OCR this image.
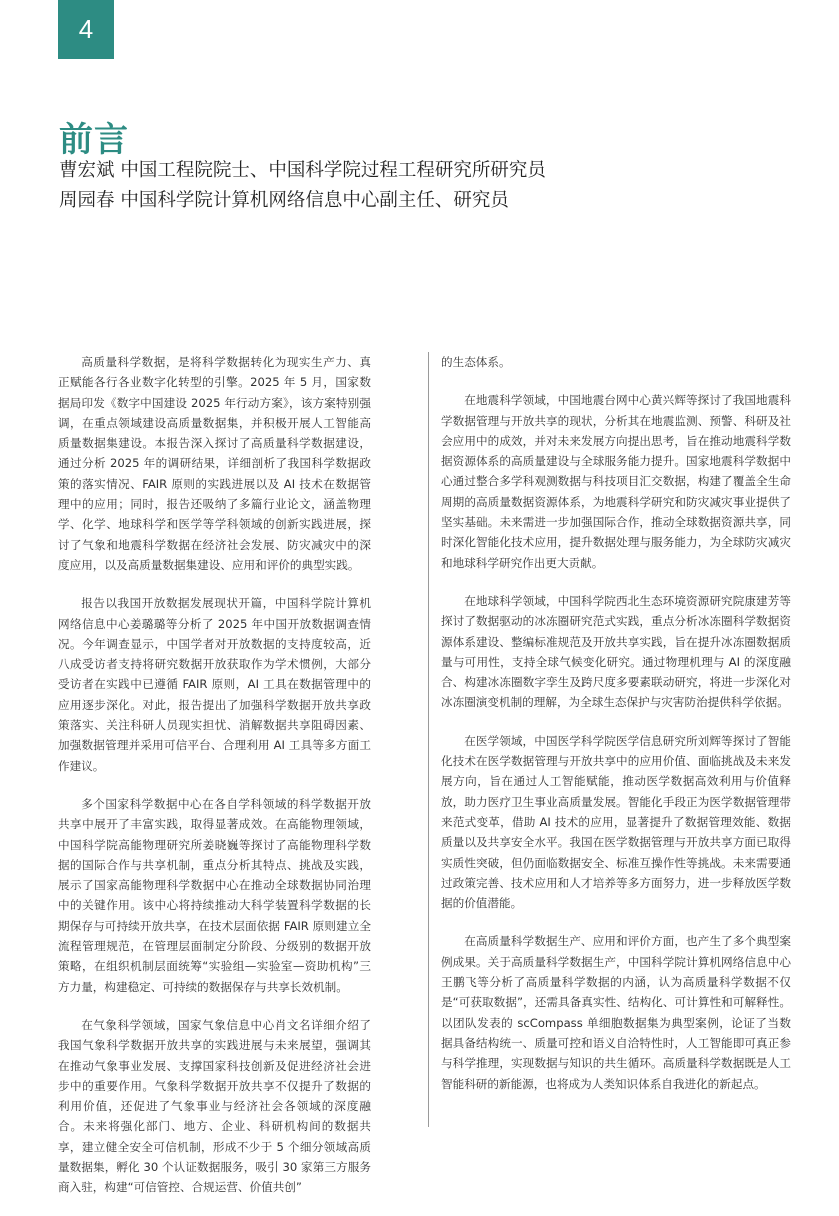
4
前言
曹宏斌 中国工程院院士、中国科学院过程工程研究所研究员
周园春 中国科学院计算机网络信息中心副主任、研究员

高质量科学数据，是将科学数据转化为现实生产力、真正赋能各行各业数字化转型的引擎。2025 年 5 月，国家数据局印发《数字中国建设 2025 年行动方案》，该方案特别强调，在重点领域建设高质量数据集，并积极开展人工智能高质量数据集建设。本报告深入探讨了高质量科学数据建设，通过分析 2025 年的调研结果，详细剖析了我国科学数据政策的落实情况、FAIR 原则的实践进展以及 AI 技术在数据管理中的应用；同时，报告还吸纳了多篇行业论文，涵盖物理学、化学、地球科学和医学等学科领域的创新实践进展，探讨了气象和地震科学数据在经济社会发展、防灾减灾中的深度应用，以及高质量数据集建设、应用和评价的典型实践。

报告以我国开放数据发展现状开篇，中国科学院计算机网络信息中心姜璐璐等分析了 2025 年中国开放数据调查情况。今年调查显示，中国学者对开放数据的支持度较高，近八成受访者支持将研究数据开放获取作为学术惯例，大部分受访者在实践中已遵循 FAIR 原则，AI 工具在数据管理中的应用逐步深化。对此，报告提出了加强科学数据开放共享政策落实、关注科研人员现实担忧、消解数据共享阻碍因素、加强数据管理并采用可信平台、合理利用 AI 工具等多方面工作建议。

多个国家科学数据中心在各自学科领域的科学数据开放共享中展开了丰富实践，取得显著成效。在高能物理领域，中国科学院高能物理研究所姜晓巍等探讨了高能物理科学数据的国际合作与共享机制，重点分析其特点、挑战及实践，展示了国家高能物理科学数据中心在推动全球数据协同治理中的关键作用。该中心将持续推动大科学装置科学数据的长期保存与可持续开放共享，在技术层面依据 FAIR 原则建立全流程管理规范，在管理层面制定分阶段、分级别的数据开放策略，在组织机制层面统筹“实验组—实验室—资助机构”三方力量，构建稳定、可持续的数据保存与共享长效机制。

在气象科学领域，国家气象信息中心肖文名详细介绍了我国气象科学数据开放共享的实践进展与未来展望，强调其在推动气象事业发展、支撑国家科技创新及促进经济社会进步中的重要作用。气象科学数据开放共享不仅提升了数据的利用价值，还促进了气象事业与经济社会各领域的深度融合。未来将强化部门、地方、企业、科研机构间的数据共享，建立健全安全可信机制，形成不少于 5 个细分领域高质量数据集，孵化 30 个认证数据服务，吸引 30 家第三方服务商入驻，构建“可信管控、合规运营、价值共创”

的生态体系。

在地震科学领域，中国地震台网中心黄兴辉等探讨了我国地震科学数据管理与开放共享的现状，分析其在地震监测、预警、科研及社会应用中的成效，并对未来发展方向提出思考，旨在推动地震科学数据资源体系的高质量建设与全球服务能力提升。国家地震科学数据中心通过整合多学科观测数据与科技项目汇交数据，构建了覆盖全生命周期的高质量数据资源体系，为地震科学研究和防灾减灾事业提供了坚实基础。未来需进一步加强国际合作，推动全球数据资源共享，同时深化智能化技术应用，提升数据处理与服务能力，为全球防灾减灾和地球科学研究作出更大贡献。

在地球科学领域，中国科学院西北生态环境资源研究院康建芳等探讨了数据驱动的冰冻圈研究范式实践，重点分析冰冻圈科学数据资源体系建设、整编标准规范及开放共享实践，旨在提升冰冻圈数据质量与可用性，支持全球气候变化研究。通过物理机理与 AI 的深度融合、构建冰冻圈数字孪生及跨尺度多要素联动研究，将进一步深化对冰冻圈演变机制的理解，为全球生态保护与灾害防治提供科学依据。

在医学领域，中国医学科学院医学信息研究所刘辉等探讨了智能化技术在医学数据管理与开放共享中的应用价值、面临挑战及未来发展方向，旨在通过人工智能赋能，推动医学数据高效利用与价值释放，助力医疗卫生事业高质量发展。智能化手段正为医学数据管理带来范式变革，借助 AI 技术的应用，显著提升了数据管理效能、数据质量以及共享安全水平。我国在医学数据管理与开放共享方面已取得实质性突破，但仍面临数据安全、标准互操作性等挑战。未来需要通过政策完善、技术应用和人才培养等多方面努力，进一步释放医学数据的价值潜能。

在高质量科学数据生产、应用和评价方面，也产生了多个典型案例成果。关于高质量科学数据生产，中国科学院计算机网络信息中心王鹏飞等分析了高质量科学数据的内涵，认为高质量科学数据不仅是“可获取数据”，还需具备真实性、结构化、可计算性和可解释性。以团队发表的 scCompass 单细胞数据集为典型案例，论证了当数据具备结构统一、质量可控和语义自洽特性时，人工智能即可真正参与科学推理，实现数据与知识的共生循环。高质量科学数据既是人工智能科研的新能源，也将成为人类知识体系自我进化的新起点。
